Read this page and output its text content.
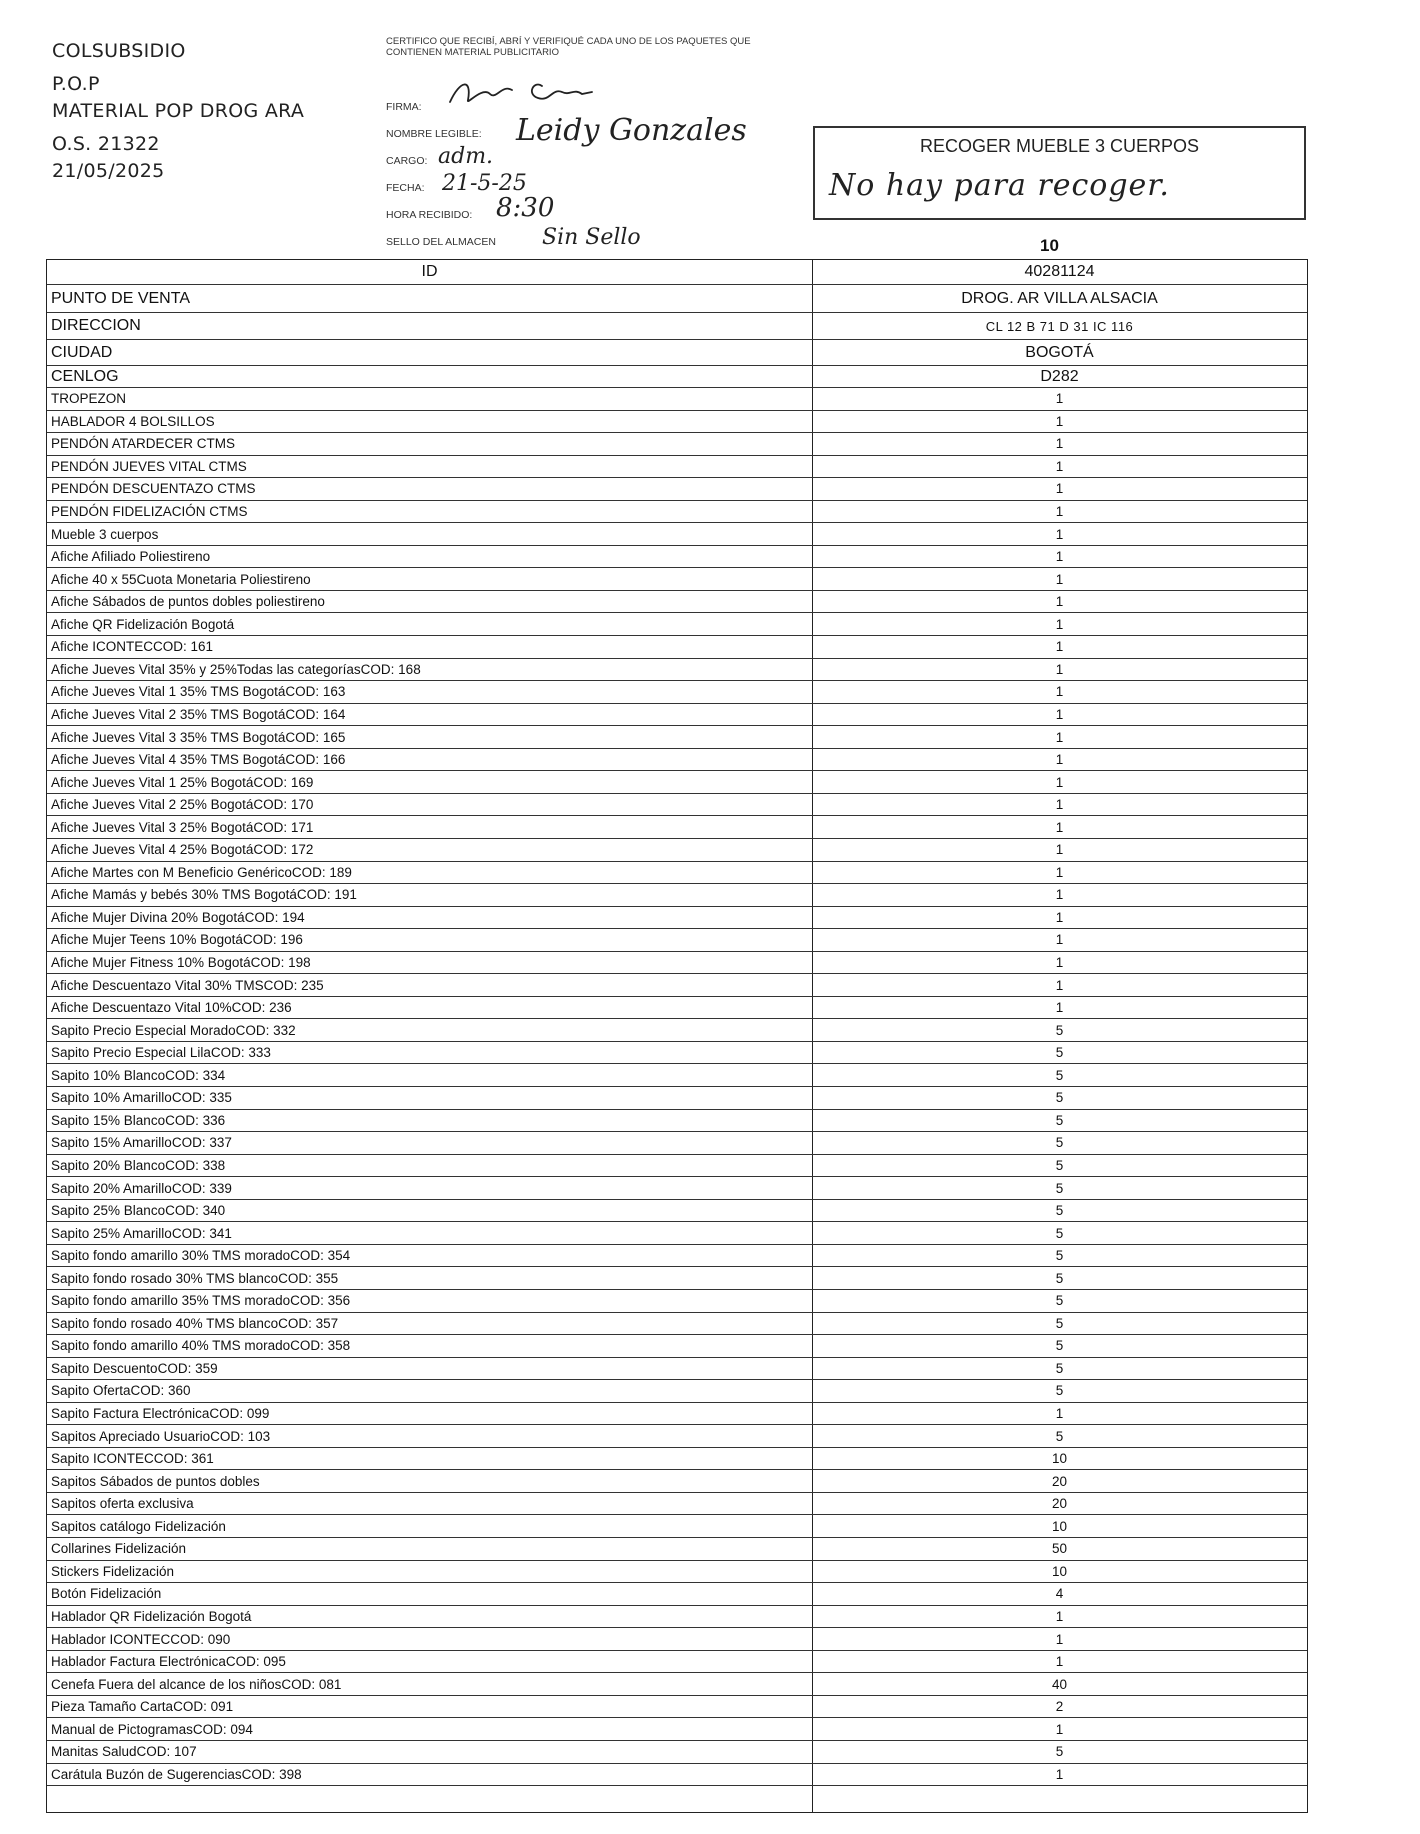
COLSUBSIDIO
P.O.P
MATERIAL POP DROG ARA
O.S. 21322
21/05/2025
CERTIFICO QUE RECIBÍ, ABRÍ Y VERIFIQUÉ CADA UNO DE LOS PAQUETES QUE CONTIENEN MATERIAL PUBLICITARIO
FIRMA:
NOMBRE LEGIBLE: Leidy Gonzales
CARGO: adm.
FECHA: 21-5-25
HORA RECIBIDO: 8:30
SELLO DEL ALMACEN Sin Sello
RECOGER MUEBLE 3 CUERPOS
No hay para recoger.
10
ID	40281124
PUNTO DE VENTA	DROG. AR VILLA ALSACIA
DIRECCION	CL 12 B 71 D 31 IC 116
CIUDAD	BOGOTÁ
CENLOG	D282
TROPEZON	1
HABLADOR 4 BOLSILLOS	1
PENDÓN ATARDECER CTMS	1
PENDÓN JUEVES VITAL CTMS	1
PENDÓN DESCUENTAZO CTMS	1
PENDÓN FIDELIZACIÓN CTMS	1
Mueble 3 cuerpos	1
Afiche Afiliado Poliestireno	1
Afiche 40 x 55Cuota Monetaria Poliestireno	1
Afiche Sábados de puntos dobles poliestireno	1
Afiche QR Fidelización Bogotá	1
Afiche ICONTECCOD: 161	1
Afiche Jueves Vital 35% y 25%Todas las categoríasCOD: 168	1
Afiche Jueves Vital 1 35% TMS BogotáCOD: 163	1
Afiche Jueves Vital 2 35% TMS BogotáCOD: 164	1
Afiche Jueves Vital 3 35% TMS BogotáCOD: 165	1
Afiche Jueves Vital 4 35% TMS BogotáCOD: 166	1
Afiche Jueves Vital 1 25% BogotáCOD: 169	1
Afiche Jueves Vital 2 25% BogotáCOD: 170	1
Afiche Jueves Vital 3 25% BogotáCOD: 171	1
Afiche Jueves Vital 4 25% BogotáCOD: 172	1
Afiche Martes con M Beneficio GenéricoCOD: 189	1
Afiche Mamás y bebés 30% TMS BogotáCOD: 191	1
Afiche Mujer Divina 20% BogotáCOD: 194	1
Afiche Mujer Teens 10% BogotáCOD: 196	1
Afiche Mujer Fitness 10% BogotáCOD: 198	1
Afiche Descuentazo Vital 30% TMSCOD: 235	1
Afiche Descuentazo Vital 10%COD: 236	1
Sapito Precio Especial MoradoCOD: 332	5
Sapito Precio Especial LilaCOD: 333	5
Sapito 10% BlancoCOD: 334	5
Sapito 10% AmarilloCOD: 335	5
Sapito 15% BlancoCOD: 336	5
Sapito 15% AmarilloCOD: 337	5
Sapito 20% BlancoCOD: 338	5
Sapito 20% AmarilloCOD: 339	5
Sapito 25% BlancoCOD: 340	5
Sapito 25% AmarilloCOD: 341	5
Sapito fondo amarillo 30% TMS moradoCOD: 354	5
Sapito fondo rosado 30% TMS blancoCOD: 355	5
Sapito fondo amarillo 35% TMS moradoCOD: 356	5
Sapito fondo rosado 40% TMS blancoCOD: 357	5
Sapito fondo amarillo 40% TMS moradoCOD: 358	5
Sapito DescuentoCOD: 359	5
Sapito OfertaCOD: 360	5
Sapito Factura ElectrónicaCOD: 099	1
Sapitos Apreciado UsuarioCOD: 103	5
Sapito ICONTECCOD: 361	10
Sapitos Sábados de puntos dobles	20
Sapitos oferta exclusiva	20
Sapitos catálogo Fidelización	10
Collarines Fidelización	50
Stickers Fidelización	10
Botón Fidelización	4
Hablador QR Fidelización Bogotá	1
Hablador ICONTECCOD: 090	1
Hablador Factura ElectrónicaCOD: 095	1
Cenefa Fuera del alcance de los niñosCOD: 081	40
Pieza Tamaño CartaCOD: 091	2
Manual de PictogramasCOD: 094	1
Manitas SaludCOD: 107	5
Carátula Buzón de SugerenciasCOD: 398	1
